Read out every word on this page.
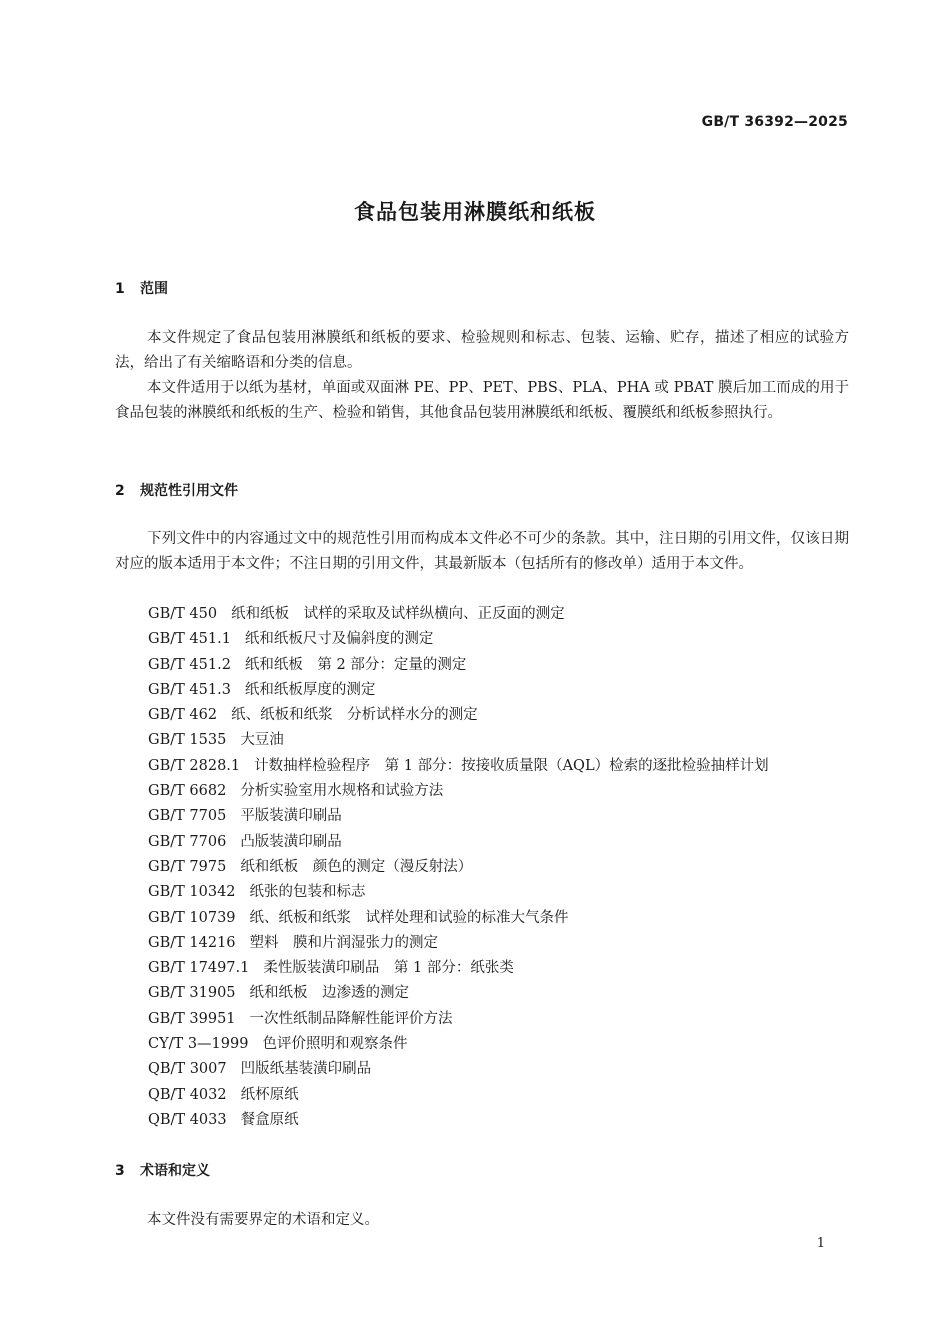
GB/T 36392—2025
食品包装用淋膜纸和纸板
1 范围

本文件规定了食品包装用淋膜纸和纸板的要求、检验规则和标志、包装、运输、贮存，描述了相应的试验方法，给出了有关缩略语和分类的信息。

本文件适用于以纸为基材，单面或双面淋 PE、PP、PET、PBS、PLA、PHA 或 PBAT 膜后加工而成的用于食品包装的淋膜纸和纸板的生产、检验和销售，其他食品包装用淋膜纸和纸板、覆膜纸和纸板参照执行。

2 规范性引用文件

下列文件中的内容通过文中的规范性引用而构成本文件必不可少的条款。其中，注日期的引用文件，仅该日期对应的版本适用于本文件；不注日期的引用文件，其最新版本（包括所有的修改单）适用于本文件。

GB/T 450 纸和纸板　试样的采取及试样纵横向、正反面的测定
GB/T 451.1 纸和纸板尺寸及偏斜度的测定
GB/T 451.2 纸和纸板　第 2 部分：定量的测定
GB/T 451.3 纸和纸板厚度的测定
GB/T 462 纸、纸板和纸浆　分析试样水分的测定
GB/T 1535 大豆油
GB/T 2828.1 计数抽样检验程序　第 1 部分：按接收质量限（AQL）检索的逐批检验抽样计划
GB/T 6682 分析实验室用水规格和试验方法
GB/T 7705 平版装潢印刷品
GB/T 7706 凸版装潢印刷品
GB/T 7975 纸和纸板　颜色的测定（漫反射法）
GB/T 10342 纸张的包装和标志
GB/T 10739 纸、纸板和纸浆　试样处理和试验的标准大气条件
GB/T 14216 塑料　膜和片润湿张力的测定
GB/T 17497.1 柔性版装潢印刷品　第 1 部分：纸张类
GB/T 31905 纸和纸板　边渗透的测定
GB/T 39951 一次性纸制品降解性能评价方法
CY/T 3—1999 色评价照明和观察条件
QB/T 3007 凹版纸基装潢印刷品
QB/T 4032 纸杯原纸
QB/T 4033 餐盒原纸
3 术语和定义

本文件没有需要界定的术语和定义。

1
